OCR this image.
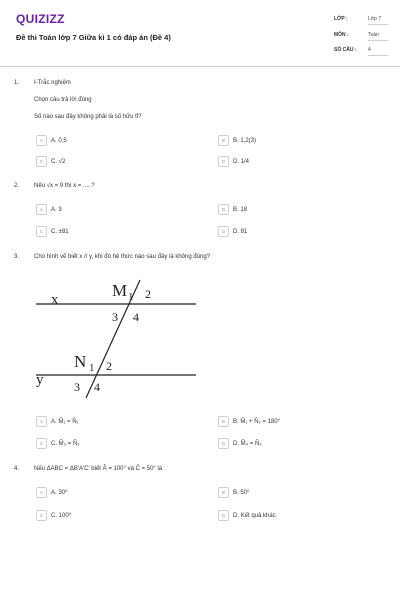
QUIZIZZ
Đề thi Toán lớp 7 Giữa kì 1 có đáp án (Đề 4)
LỚP :	Lớp 7
MÔN :	Toán
SỐ CÂU : 4
1. I-Trắc nghiệm
Chọn câu trả lời đúng
Số nào sau đây không phải là số hữu tỉ?
A A. 0,5	B B. 1,2(3)
C C. √2	D D. 1/4
2. Nếu √x = 9 thì x = .... ?
A A. 3	B B. 18
C C. ±81	D D. 81
3. Cho hình vẽ biết x // y, khi đó hệ thức nào sau đây là không đúng?
x
y
M 1 2
3 4
N 1 2
3 4
A A. M̂₁ = N̂₁	B B. M̂₁ + N̂₂ = 180°
C C. M̂₃ = N̂₂	D D. M̂₄ = N̂₃
4. Nếu ΔABC = ΔB'A'C' biết Â = 100° và Ĉ = 50° là
A A. 30⁰	B B. 50⁰
C C. 100⁰	D D. Kết quả khác
